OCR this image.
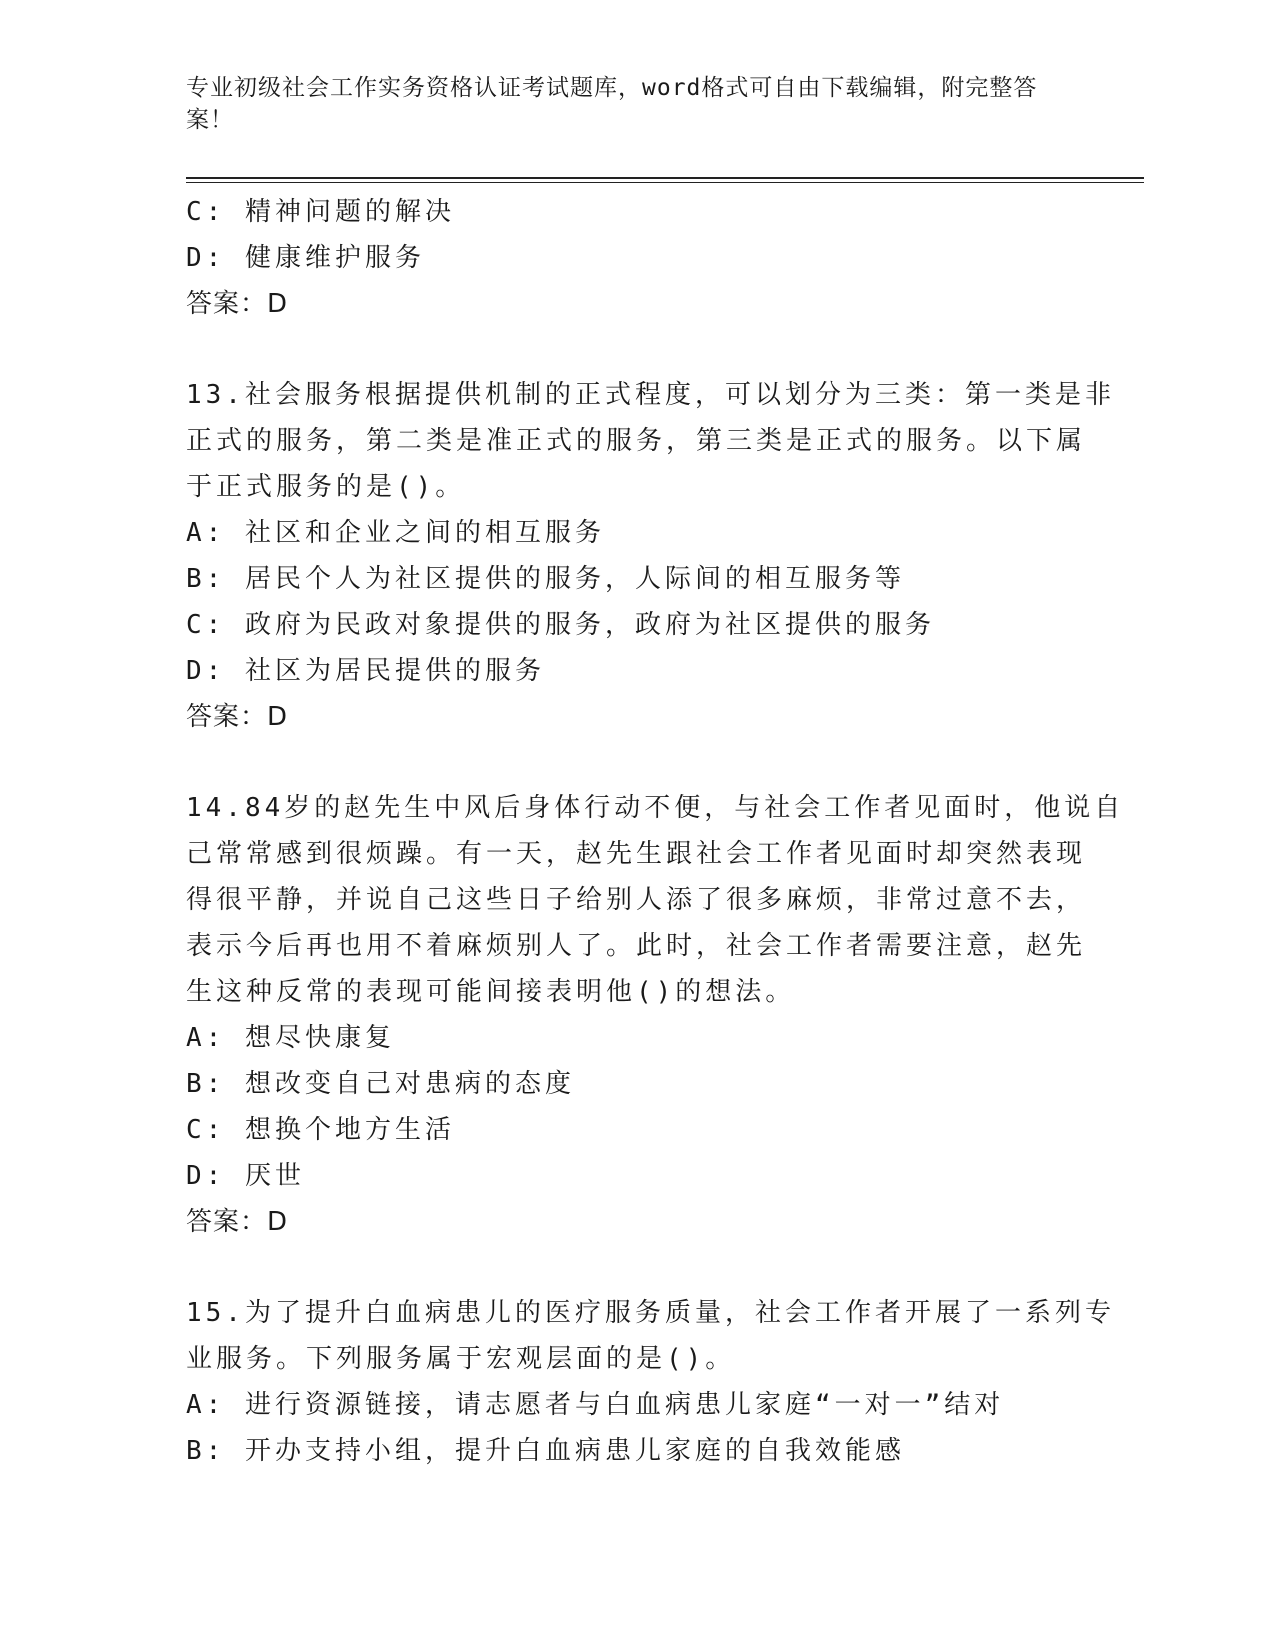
专业初级社会工作实务资格认证考试题库，word格式可自由下载编辑，附完整答案！
C: 精神问题的解决
D: 健康维护服务
答案：D
13.社会服务根据提供机制的正式程度，可以划分为三类：第一类是非
正式的服务，第二类是准正式的服务，第三类是正式的服务。以下属
于正式服务的是()。
A: 社区和企业之间的相互服务
B: 居民个人为社区提供的服务，人际间的相互服务等
C: 政府为民政对象提供的服务，政府为社区提供的服务
D: 社区为居民提供的服务
答案：D
14.84岁的赵先生中风后身体行动不便，与社会工作者见面时，他说自
己常常感到很烦躁。有一天，赵先生跟社会工作者见面时却突然表现
得很平静，并说自己这些日子给别人添了很多麻烦，非常过意不去，
表示今后再也用不着麻烦别人了。此时，社会工作者需要注意，赵先
生这种反常的表现可能间接表明他()的想法。
A: 想尽快康复
B: 想改变自己对患病的态度
C: 想换个地方生活
D: 厌世
答案：D
15.为了提升白血病患儿的医疗服务质量，社会工作者开展了一系列专
业服务。下列服务属于宏观层面的是()。
A: 进行资源链接，请志愿者与白血病患儿家庭“一对一”结对
B: 开办支持小组，提升白血病患儿家庭的自我效能感
